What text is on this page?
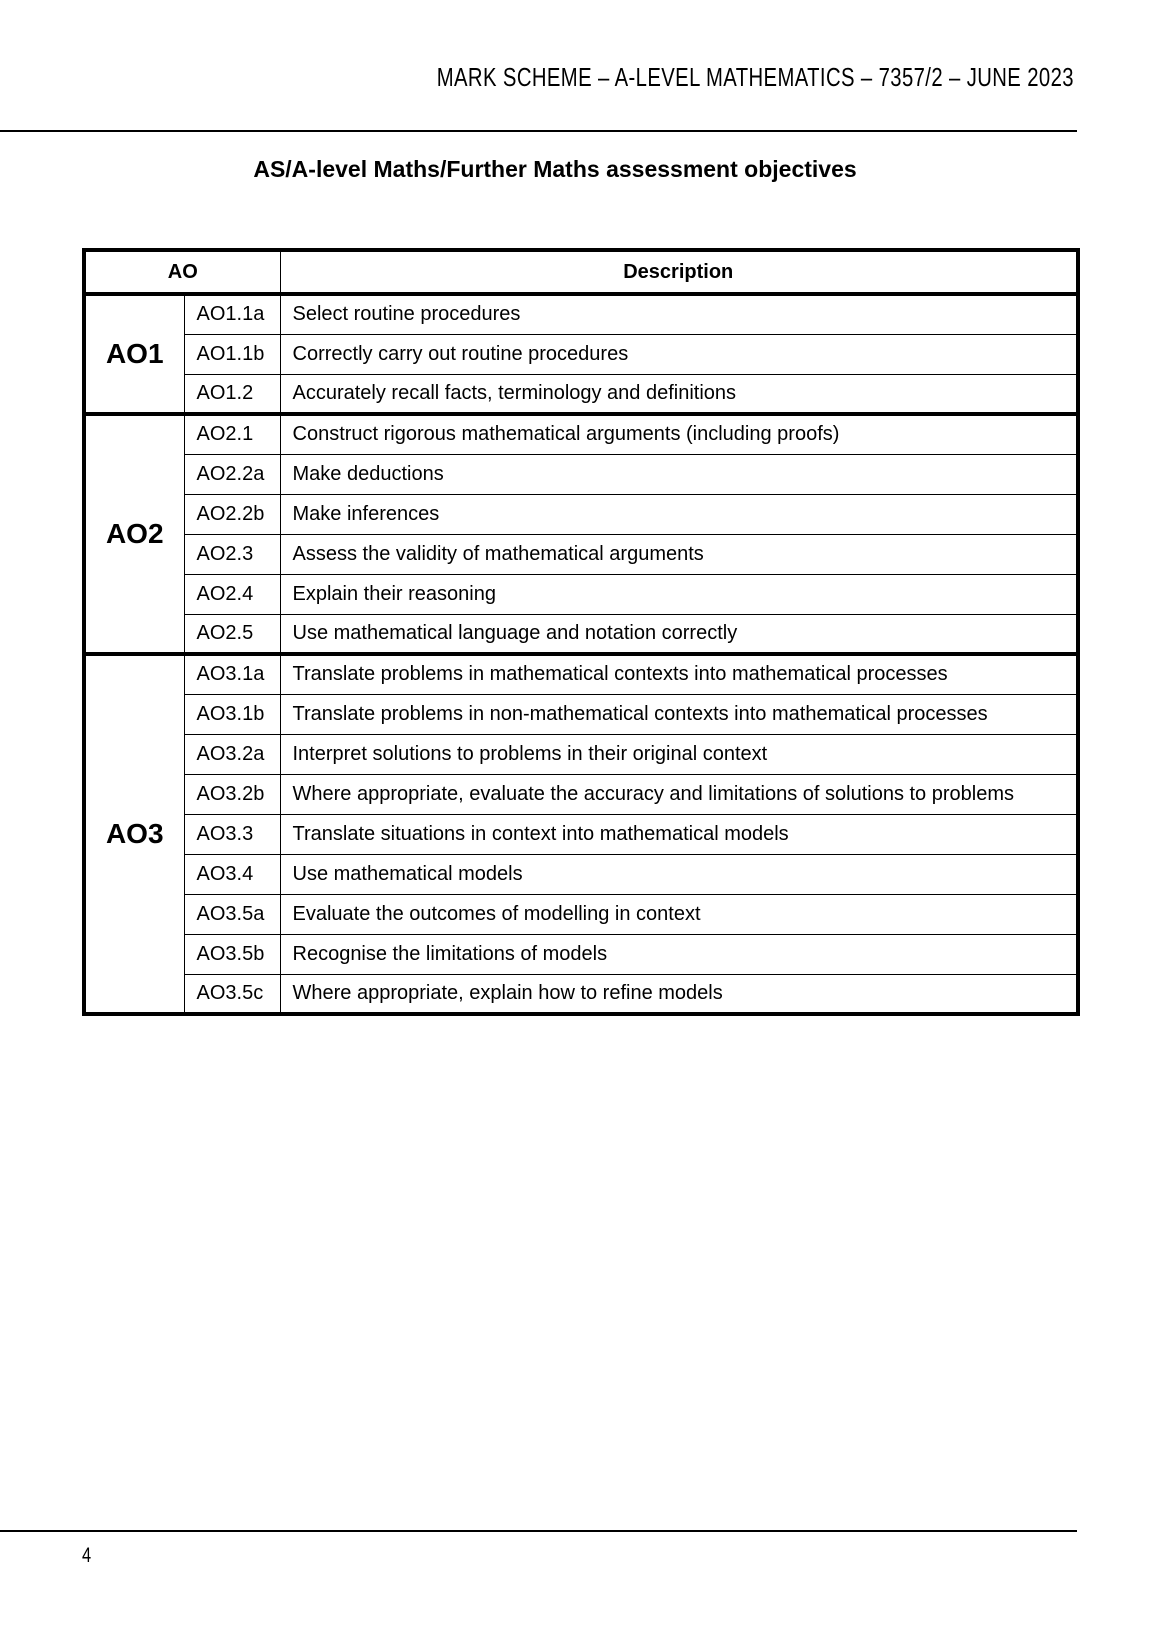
MARK SCHEME – A-LEVEL MATHEMATICS – 7357/2 – JUNE 2023
AS/A-level Maths/Further Maths assessment objectives
AO		Description
AO1	AO1.1a	Select routine procedures
	AO1.1b	Correctly carry out routine procedures
	AO1.2	Accurately recall facts, terminology and definitions
AO2	AO2.1	Construct rigorous mathematical arguments (including proofs)
	AO2.2a	Make deductions
	AO2.2b	Make inferences
	AO2.3	Assess the validity of mathematical arguments
	AO2.4	Explain their reasoning
	AO2.5	Use mathematical language and notation correctly
AO3	AO3.1a	Translate problems in mathematical contexts into mathematical processes
	AO3.1b	Translate problems in non-mathematical contexts into mathematical processes
	AO3.2a	Interpret solutions to problems in their original context
	AO3.2b	Where appropriate, evaluate the accuracy and limitations of solutions to problems
	AO3.3	Translate situations in context into mathematical models
	AO3.4	Use mathematical models
	AO3.5a	Evaluate the outcomes of modelling in context
	AO3.5b	Recognise the limitations of models
	AO3.5c	Where appropriate, explain how to refine models
4
